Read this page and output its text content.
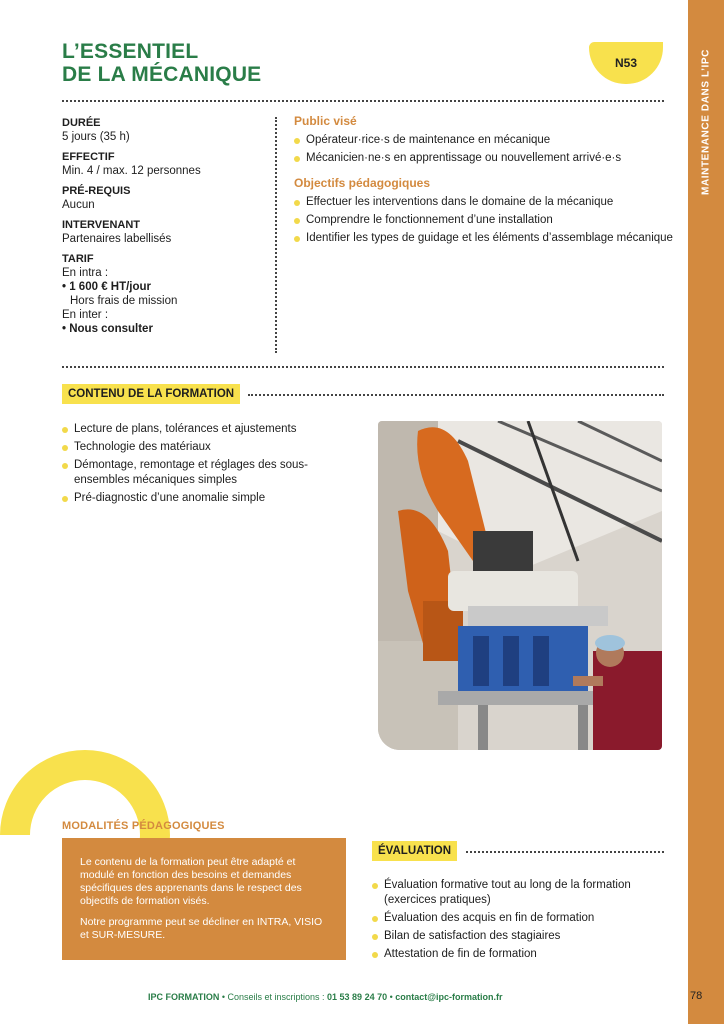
MAINTENANCE DANS L’IPC
L’ESSENTIEL
DE LA MÉCANIQUE	N53
DURÉE
5 jours (35 h)
EFFECTIF
Min. 4 / max. 12 personnes
PRÉ-REQUIS
Aucun
INTERVENANT
Partenaires labellisés
TARIF
En intra :
• 1 600 € HT/jour
Hors frais de mission
En inter :
• Nous consulter
Public visé
Opérateur·rice·s de maintenance en mécanique
Mécanicien·ne·s en apprentissage ou nouvellement arrivé·e·s
Objectifs pédagogiques
Effectuer les interventions dans le domaine de la mécanique
Comprendre le fonctionnement d’une installation
Identifier les types de guidage et les éléments d’assemblage mécanique
CONTENU DE LA FORMATION
Lecture de plans, tolérances et ajustements
Technologie des matériaux
Démontage, remontage et réglages des sous-ensembles mécaniques simples
Pré-diagnostic d’une anomalie simple
MODALITÉS PÉDAGOGIQUES

Le contenu de la formation peut être adapté et modulé en fonction des besoins et demandes spécifiques des apprenants dans le respect des objectifs de formation visés.

Notre programme peut se décliner en INTRA, VISIO et SUR-MESURE.

ÉVALUATION
Évaluation formative tout au long de la formation (exercices pratiques)
Évaluation des acquis en fin de formation
Bilan de satisfaction des stagiaires
Attestation de fin de formation
IPC FORMATION • Conseils et inscriptions : 01 53 89 24 70 • contact@ipc-formation.fr	78
